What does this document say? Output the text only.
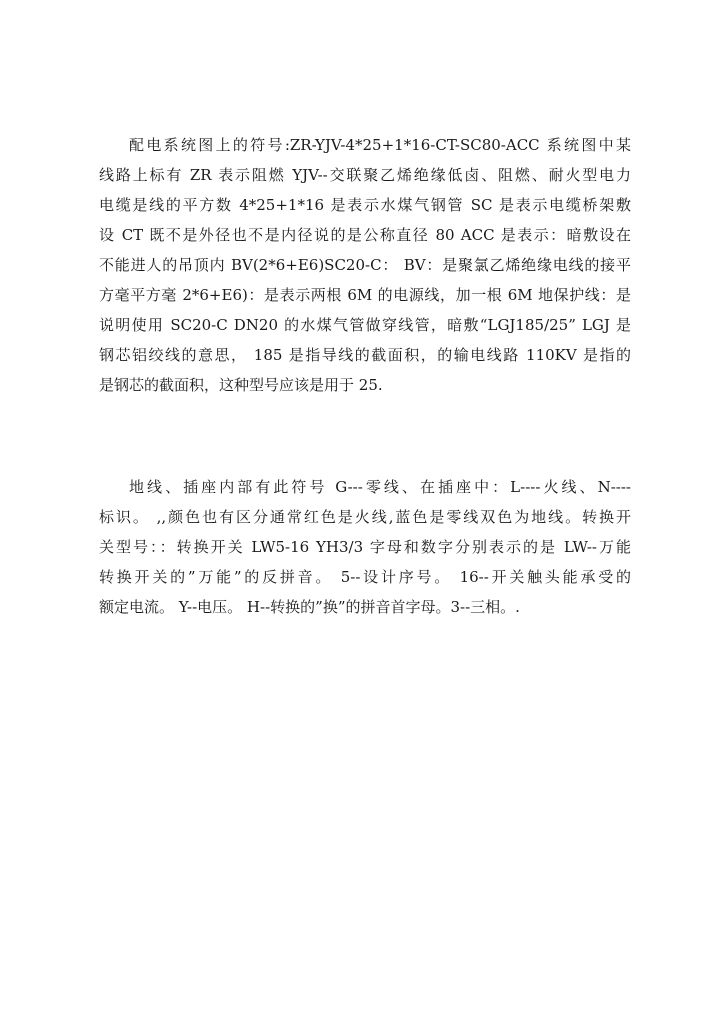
配电系统图上的符号:ZR-YJV-4*25+1*16-CT-SC80-ACC 系统图中某
线路上标有 ZR 表示阻燃 YJV--交联聚乙烯绝缘低卤、阻燃、耐火型电力
电缆是线的平方数 4*25+1*16 是表示水煤气钢管 SC 是表示电缆桥架敷
设 CT 既不是外径也不是内径说的是公称直径 80 ACC 是表示：暗敷设在
不能进人的吊顶内 BV(2*6+E6)SC20-C： BV：是聚氯乙烯绝缘电线的接平
方毫平方毫 2*6+E6)：是表示两根 6M 的电源线，加一根 6M 地保护线：是
说明使用 SC20-C DN20 的水煤气管做穿线管，暗敷“LGJ185/25” LGJ 是
钢芯铝绞线的意思， 185 是指导线的截面积，的输电线路 110KV 是指的
是钢芯的截面积，这种型号应该是用于 25.
地线、插座内部有此符号 G---零线、在插座中：L----火线、N----
标识。 ,,颜色也有区分通常红色是火线,蓝色是零线双色为地线。转换开
关型号：：转换开关 LW5-16 YH3/3 字母和数字分别表示的是 LW--万能
转换开关的”万能”的反拼音。 5--设计序号。 16--开关触头能承受的
额定电流。 Y--电压。 H--转换的”换”的拼音首字母。3--三相。.
